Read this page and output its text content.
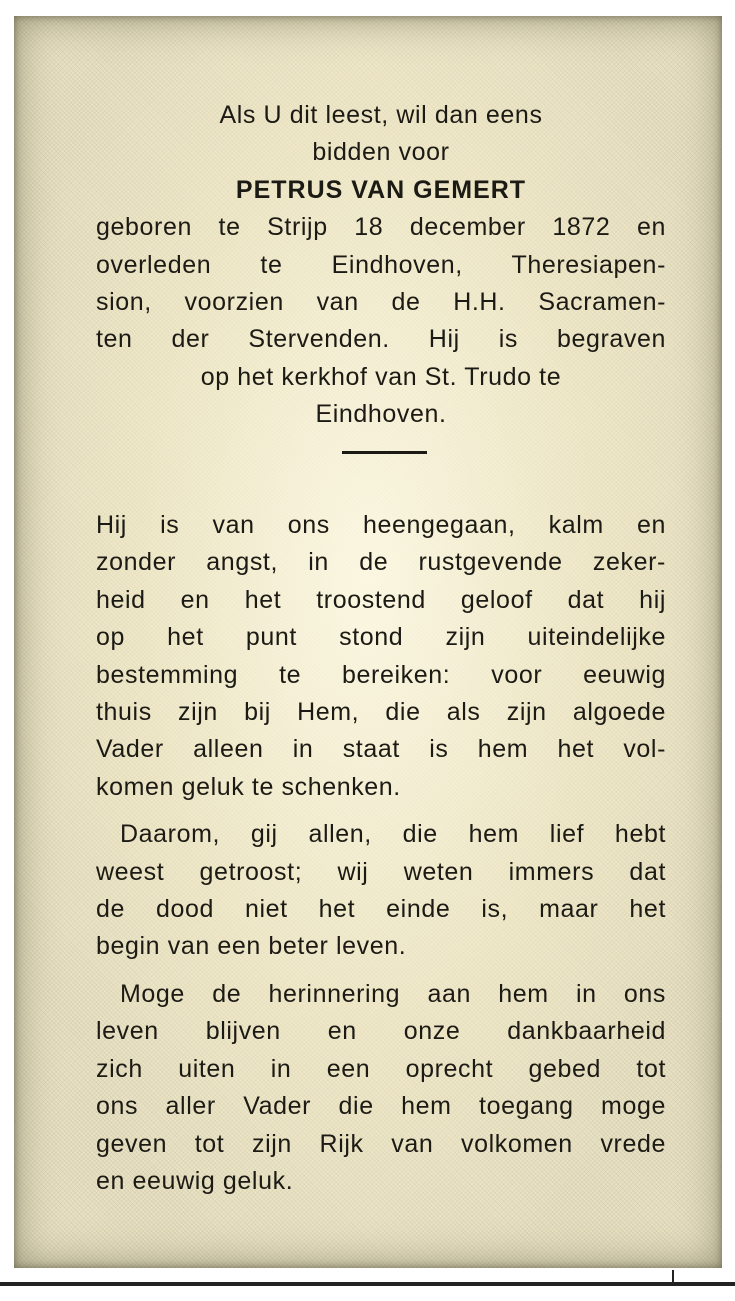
Als U dit leest, wil dan eens
bidden voor
PETRUS VAN GEMERT
geboren te Strijp 18 december 1872 en
overleden te Eindhoven, Theresiapen-
sion, voorzien van de H.H. Sacramen-
ten der Stervenden. Hij is begraven
op het kerkhof van St. Trudo te
Eindhoven.
Hij is van ons heengegaan, kalm en
zonder angst, in de rustgevende zeker-
heid en het troostend geloof dat hij
op het punt stond zijn uiteindelijke
bestemming te bereiken: voor eeuwig
thuis zijn bij Hem, die als zijn algoede
Vader alleen in staat is hem het vol-
komen geluk te schenken.
Daarom, gij allen, die hem lief hebt
weest getroost; wij weten immers dat
de dood niet het einde is, maar het
begin van een beter leven.
Moge de herinnering aan hem in ons
leven blijven en onze dankbaarheid
zich uiten in een oprecht gebed tot
ons aller Vader die hem toegang moge
geven tot zijn Rijk van volkomen vrede
en eeuwig geluk.
